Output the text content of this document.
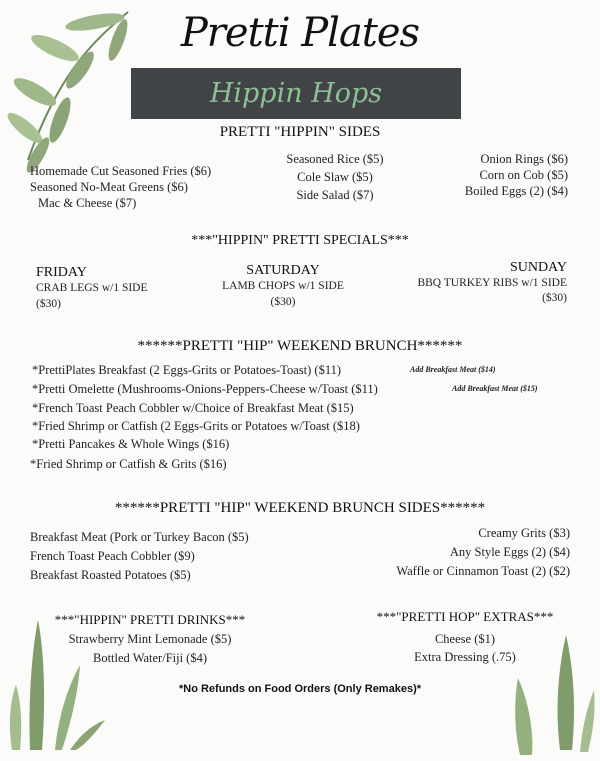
Pretti Plates
Hippin Hops
PRETTI "HIPPIN" SIDES
Homemade Cut Seasoned Fries ($6)
Seasoned No-Meat Greens ($6)
Mac & Cheese ($7)
Seasoned Rice ($5)
Cole Slaw ($5)
Side Salad ($7)
Onion Rings ($6)
Corn on Cob ($5)
Boiled Eggs (2) ($4)
***"HIPPIN" PRETTI SPECIALS***
FRIDAY
CRAB LEGS w/1 SIDE
($30)
SATURDAY
LAMB CHOPS w/1 SIDE
($30)
SUNDAY
BBQ TURKEY RIBS w/1 SIDE
($30)
******PRETTI "HIP" WEEKEND BRUNCH******
*PrettiPlates Breakfast (2 Eggs-Grits or Potatoes-Toast) ($11)	Add Breakfast Meat ($14)
*Pretti Omelette (Mushrooms-Onions-Peppers-Cheese w/Toast ($11)	Add Breakfast Meat ($15)
*French Toast Peach Cobbler w/Choice of Breakfast Meat ($15)
*Fried Shrimp or Catfish (2 Eggs-Grits or Potatoes w/Toast ($18)
*Pretti Pancakes & Whole Wings ($16)
*Fried Shrimp or Catfish & Grits ($16)
******PRETTI "HIP" WEEKEND BRUNCH SIDES******
Breakfast Meat (Pork or Turkey Bacon ($5)
French Toast Peach Cobbler ($9)
Breakfast Roasted Potatoes ($5)
Creamy Grits ($3)
Any Style Eggs (2) ($4)
Waffle or Cinnamon Toast (2) ($2)
***"HIPPIN" PRETTI DRINKS***
Strawberry Mint Lemonade ($5)
Bottled Water/Fiji ($4)
***"PRETTI HOP" EXTRAS***
Cheese ($1)
Extra Dressing (.75)
*No Refunds on Food Orders (Only Remakes)*
